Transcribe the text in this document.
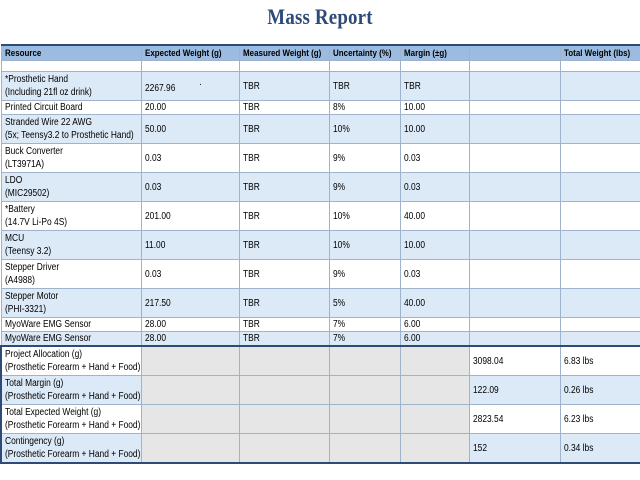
Mass Report
Resource	Expected Weight (g)	Measured Weight (g)	Uncertainty (%)	Margin (±g)		Total Weight (lbs)

*Prosthetic Hand
(Including 21fl oz drink)	2267.96 ·	TBR	TBR	TBR		
Printed Circuit Board	20.00	TBR	8%	10.00		
Stranded Wire 22 AWG
(5x; Teensy3.2 to Prosthetic Hand)	50.00	TBR	10%	10.00		
Buck Converter
(LT3971A)	0.03	TBR	9%	0.03		
LDO
(MIC29502)	0.03	TBR	9%	0.03		
*Battery
(14.7V Li-Po 4S)	201.00	TBR	10%	40.00		
MCU
(Teensy 3.2)	11.00	TBR	10%	10.00		
Stepper Driver
(A4988)	0.03	TBR	9%	0.03		
Stepper Motor
(PHI-3321)	217.50	TBR	5%	40.00		
MyoWare EMG Sensor	28.00	TBR	7%	6.00		
MyoWare EMG Sensor	28.00	TBR	7%	6.00		
Project Allocation (g)
(Prosthetic Forearm + Hand + Food)					3098.04	6.83 lbs
Total Margin (g)
(Prosthetic Forearm + Hand + Food)					122.09	0.26 lbs
Total Expected Weight (g)
(Prosthetic Forearm + Hand + Food)					2823.54	6.23 lbs
Contingency (g)
(Prosthetic Forearm + Hand + Food)					152	0.34 lbs
